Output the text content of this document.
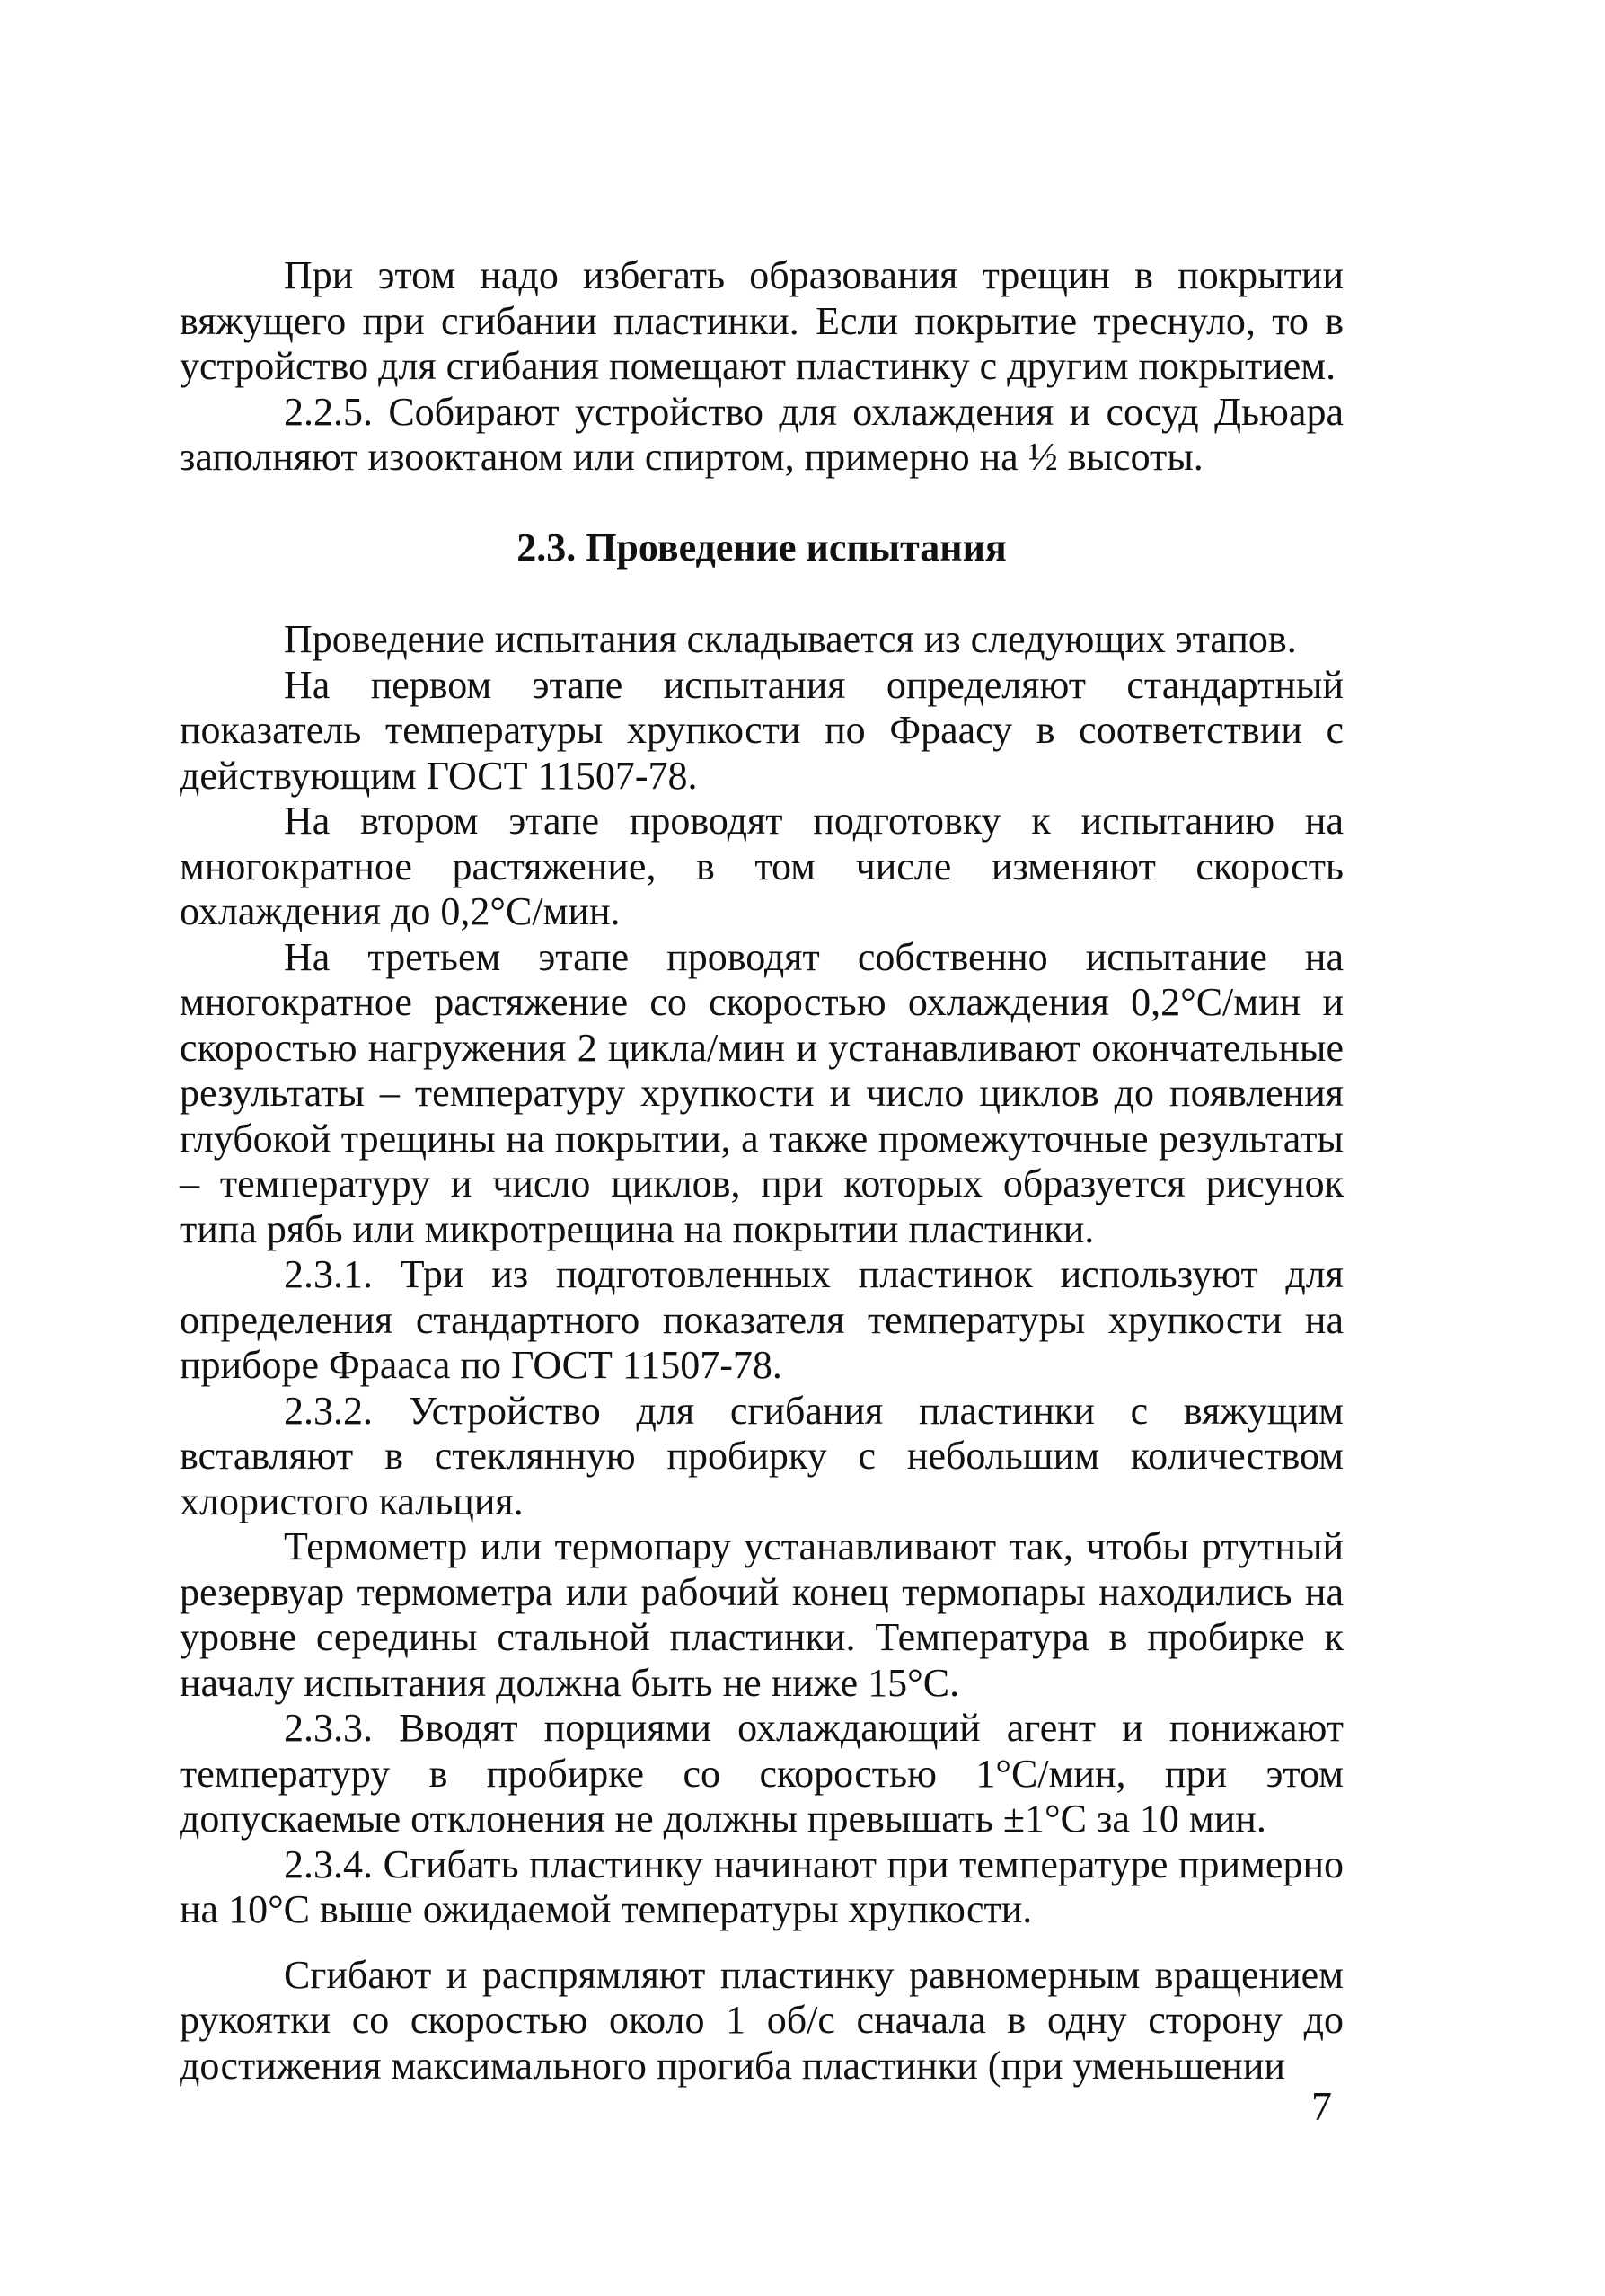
При этом надо избегать образования трещин в покрытии вяжущего при сгибании пластинки. Если покрытие треснуло, то в устройство для сгибания помещают пластинку с другим покрытием.

2.2.5. Собирают устройство для охлаждения и сосуд Дьюара заполняют изооктаном или спиртом, примерно на ½ высоты.

2.3. Проведение испытания

Проведение испытания складывается из следующих этапов.

На первом этапе испытания определяют стандартный показатель температуры хрупкости по Фраасу в соответствии с действующим ГОСТ 11507-78.

На втором этапе проводят подготовку к испытанию на многократное растяжение, в том числе изменяют скорость охлаждения до 0,2°С/мин.

На третьем этапе проводят собственно испытание на многократное растяжение со скоростью охлаждения 0,2°С/мин и скоростью нагружения 2 цикла/мин и устанавливают окончательные результаты – температуру хрупкости и число циклов до появления глубокой трещины на покрытии, а также промежуточные результаты – температуру и число циклов, при которых образуется рисунок типа рябь или микротрещина на покрытии пластинки.

2.3.1. Три из подготовленных пластинок используют для определения стандартного показателя температуры хрупкости на приборе Фрааса по ГОСТ 11507-78.

2.3.2. Устройство для сгибания пластинки с вяжущим вставляют в стеклянную пробирку с небольшим количеством хлористого кальция.

Термометр или термопару устанавливают так, чтобы ртутный резервуар термометра или рабочий конец термопары находились на уровне середины стальной пластинки. Температура в пробирке к началу испытания должна быть не ниже 15°С.

2.3.3. Вводят порциями охлаждающий агент и понижают температуру в пробирке со скоростью 1°С/мин, при этом допускаемые отклонения не должны превышать ±1°С за 10 мин.

2.3.4. Сгибать пластинку начинают при температуре примерно на 10°С выше ожидаемой температуры хрупкости.

Сгибают и распрямляют пластинку равномерным вращением рукоятки со скоростью около 1 об/с сначала в одну сторону до достижения максимального прогиба пластинки (при уменьшении

7
